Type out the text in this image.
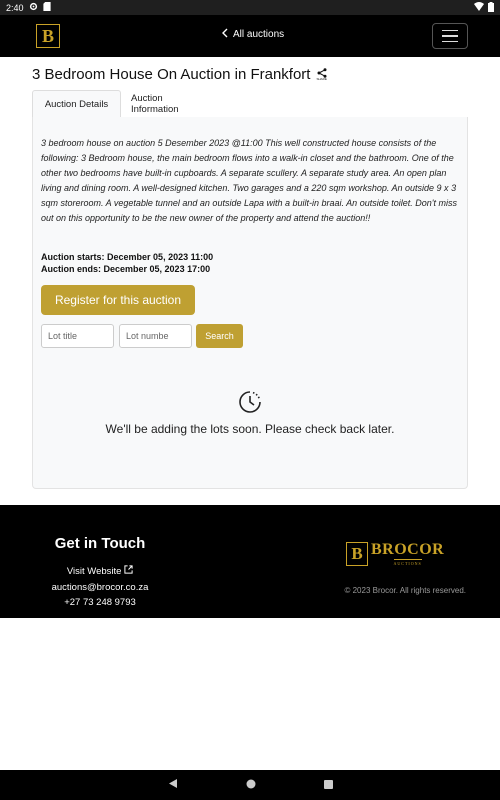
2:40
B	All auctions
3 Bedroom House On Auction in Frankfort SHARE
Auction Details Auction Information

3 bedroom house on auction 5 Desember 2023 @11:00 This well constructed house consists of the following: 3 Bedroom house, the main bedroom flows into a walk-in closet and the bathroom. One of the other two bedrooms have built-in cupboards. A separate scullery. A separate study area. An open plan living and dining room. A well-designed kitchen. Two garages and a 220 sqm workshop. An outside 9 x 3 sqm storeroom. A vegetable tunnel and an outside Lapa with a built-in braai. An outside toilet. Don't miss out on this opportunity to be the new owner of the property and attend the auction!!

Auction starts: December 05, 2023 11:00
Auction ends: December 05, 2023 17:00
Register for this auction
Lot title
Lot numbe
Search
We'll be adding the lots soon. Please check back later.
Get in Touch
Visit Website
auctions@brocor.co.za
+27 73 248 9793
B BROCOR
AUCTIONS
© 2023 Brocor. All rights reserved.
